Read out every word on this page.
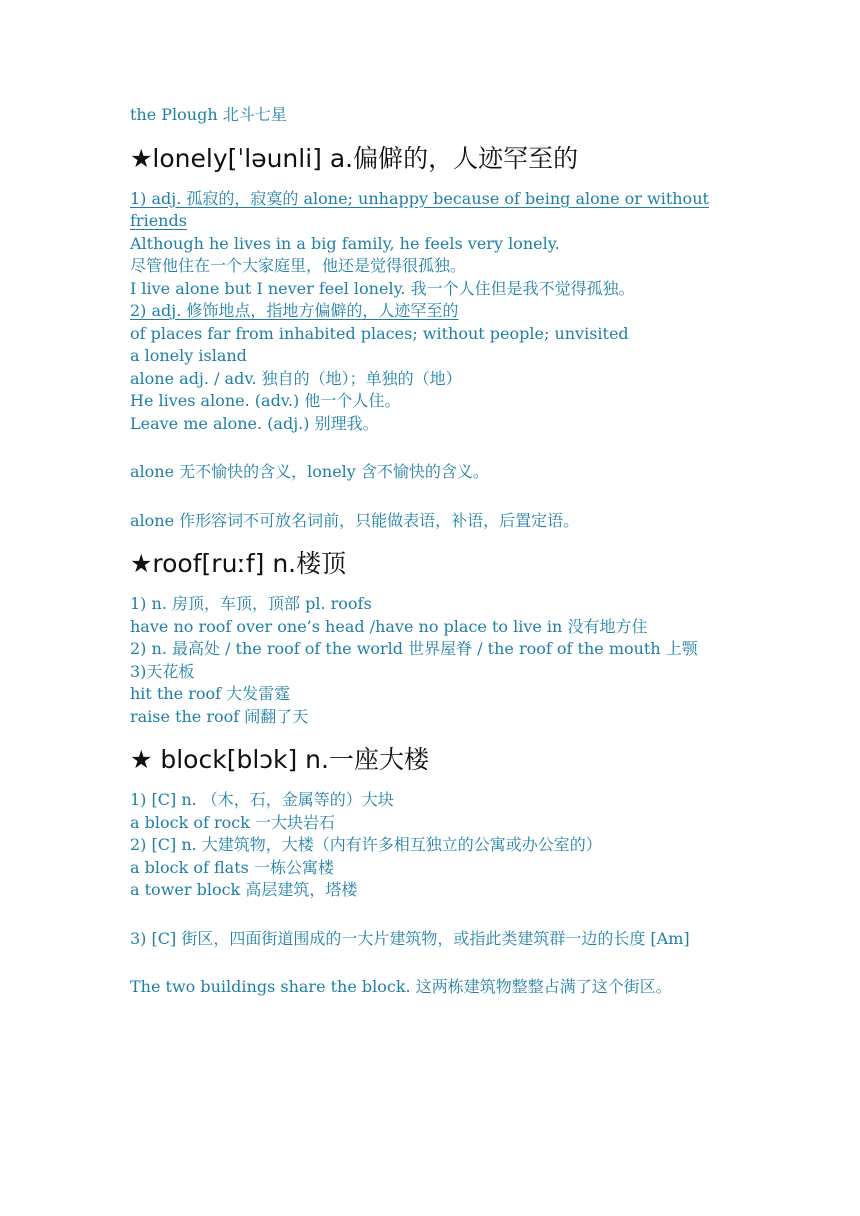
the Plough 北斗七星
★lonely[ˈləunli] a.偏僻的，人迹罕至的
1) adj. 孤寂的，寂寞的 alone; unhappy because of being alone or without friends
Although he lives in a big family, he feels very lonely.
尽管他住在一个大家庭里，他还是觉得很孤独。
I live alone but I never feel lonely. 我一个人住但是我不觉得孤独。
2) adj. 修饰地点，指地方偏僻的，人迹罕至的
of places far from inhabited places; without people; unvisited
a lonely island
alone adj. / adv. 独自的（地）；单独的（地）
He lives alone. (adv.) 他一个人住。
Leave me alone. (adj.) 别理我。
alone 无不愉快的含义，lonely 含不愉快的含义。
alone 作形容词不可放名词前，只能做表语，补语，后置定语。
★roof[ruːf] n.楼顶
1) n. 房顶，车顶，顶部 pl. roofs
have no roof over one’s head /have no place to live in 没有地方住
2) n. 最高处 / the roof of the world 世界屋脊 / the roof of the mouth 上颚
3)天花板
hit the roof 大发雷霆
raise the roof 闹翻了天
★ block[blɔk] n.一座大楼
1) [C] n. （木，石，金属等的）大块
a block of rock 一大块岩石
2) [C] n. 大建筑物，大楼（内有许多相互独立的公寓或办公室的）
a block of flats 一栋公寓楼
a tower block 高层建筑，塔楼
3) [C] 街区，四面街道围成的一大片建筑物，或指此类建筑群一边的长度 [Am]
The two buildings share the block. 这两栋建筑物整整占满了这个街区。
